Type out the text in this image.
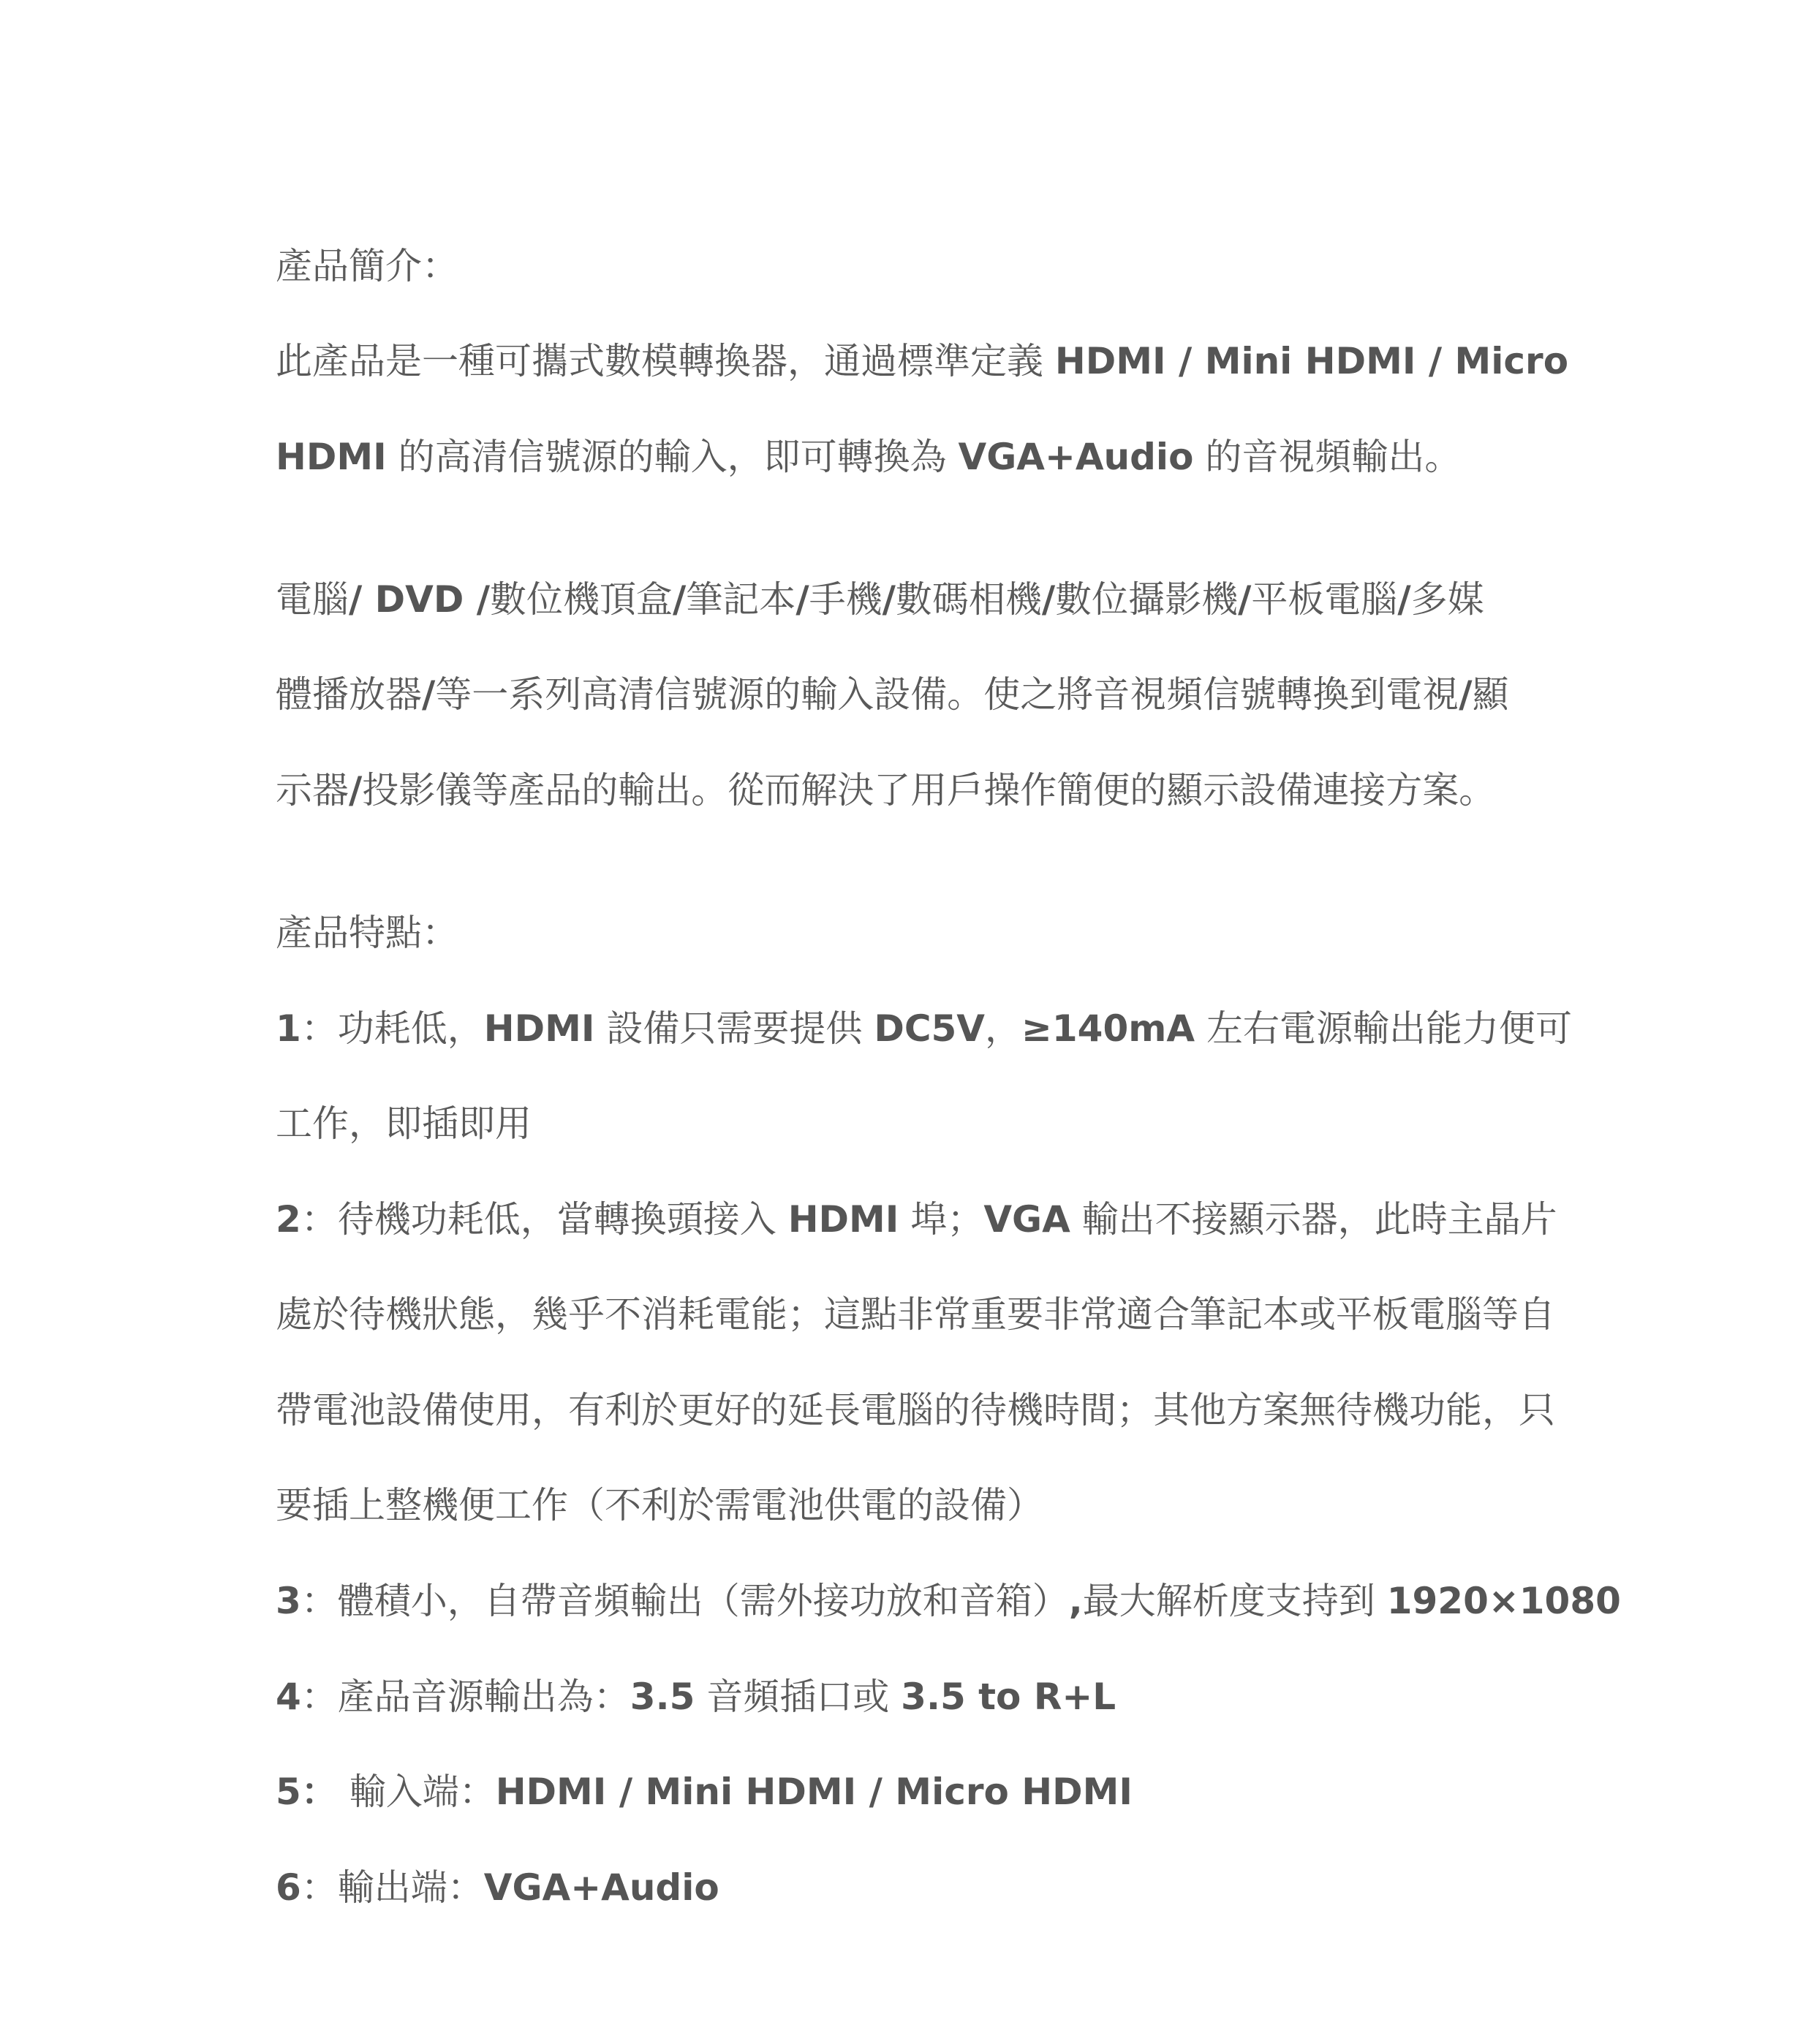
產品簡介：
此產品是一種可攜式數模轉換器，通過標準定義 HDMI / Mini HDMI / Micro
HDMI 的高清信號源的輸入，即可轉換為 VGA+Audio 的音視頻輸出。
電腦/ DVD /數位機頂盒/筆記本/手機/數碼相機/數位攝影機/平板電腦/多媒
體播放器/等一系列高清信號源的輸入設備。使之將音視頻信號轉換到電視/顯
示器/投影儀等產品的輸出。從而解決了用戶操作簡便的顯示設備連接方案。
產品特點：
1：功耗低，HDMI 設備只需要提供 DC5V，≥140mA 左右電源輸出能力便可
工作，即插即用
2：待機功耗低，當轉換頭接入 HDMI 埠；VGA 輸出不接顯示器，此時主晶片
處於待機狀態，幾乎不消耗電能；這點非常重要非常適合筆記本或平板電腦等自
帶電池設備使用，有利於更好的延長電腦的待機時間；其他方案無待機功能，只
要插上整機便工作（不利於需電池供電的設備）
3：體積小，自帶音頻輸出（需外接功放和音箱）,最大解析度支持到 1920×1080
4：產品音源輸出為：3.5 音頻插口或 3.5 to R+L
5： 輸入端：HDMI / Mini HDMI / Micro HDMI
6：輸出端：VGA+Audio
